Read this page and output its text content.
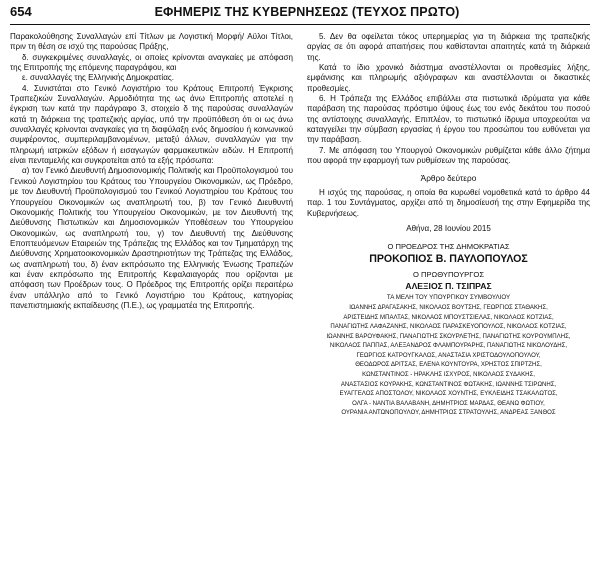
654	ΕΦΗΜΕΡΙΣ ΤΗΣ ΚΥΒΕΡΝΗΣΕΩΣ (ΤΕΥΧΟΣ ΠΡΩΤΟ)

Παρακολούθησης Συναλλαγών επί Τίτλων με Λογιστική Μορφή/ Αϋλοι Τίτλοι, πριν τη θέση σε ισχύ της παρούσας Πράξης,

δ. συγκεκριμένες συναλλαγές, οι οποίες κρίνονται αναγκαίες με απόφαση της Επιτροπής της επόμενης παραγράφου, και

ε. συναλλαγές της Ελληνικής Δημοκρατίας.

4. Συνιστάται στο Γενικό Λογιστήριο του Κράτους Επιτροπή Έγκρισης Τραπεζικών Συναλλαγών. Αρμοδιότητα της ως άνω Επιτροπής αποτελεί η έγκριση των κατά την παράγραφο 3, στοιχείο δ της παρούσας συναλλαγών κατά τη διάρκεια της τραπεζικής αργίας, υπό την προϋπόθεση ότι οι ως άνω συναλλαγές κρίνονται αναγκαίες για τη διαφύλαξη ενός δημοσίου ή κοινωνικού συμφέροντος, συμπεριλαμβανομένων, μεταξύ άλλων, συναλλαγών για την πληρωμή ιατρικών εξόδων ή εισαγωγών φαρμακευτικών ειδών. Η Επιτροπή είναι πενταμελής και συγκροτείται από τα εξής πρόσωπα:

α) τον Γενικό Διευθυντή Δημοσιονομικής Πολιτικής και Προϋπολογισμού του Γενικού Λογιστηρίου του Κράτους του Υπουργείου Οικονομικών, ως Πρόεδρο, με τον Διευθυντή Προϋπολογισμού του Γενικού Λογιστηρίου του Κράτους του Υπουργείου Οικονομικών ως αναπληρωτή του, β) τον Γενικό Διευθυντή Οικονομικής Πολιτικής του Υπουργείου Οικονομικών, με τον Διευθυντή της Διεύθυνσης Πιστωτικών και Δημοσιονομικών Υποθέσεων του Υπουργείου Οικονομικών, ως αναπληρωτή του, γ) τον Διευθυντή της Διεύθυνσης Εποπτευόμενων Εταιρειών της Τράπεζας της Ελλάδος και τον Τμηματάρχη της Διεύθυνσης Χρηματοοικονομικών Δραστηριοτήτων της Τράπεζας της Ελλάδος, ως αναπληρωτή του, δ) έναν εκπρόσωπο της Ελληνικής Ένωσης Τραπεζών και έναν εκπρόσωπο της Επιτροπής Κεφαλαιαγοράς που ορίζονται με απόφαση των Προέδρων τους. Ο Πρόεδρος της Επιτροπής ορίζει περαιτέρω έναν υπάλληλο από το Γενικό Λογιστήριο του Κράτους, κατηγορίας πανεπιστημιακής εκπαίδευσης (Π.Ε.), ως γραμματέα της Επιτροπής.

5. Δεν θα οφείλεται τόκος υπερημερίας για τη διάρκεια της τραπεζικής αργίας σε ότι αφορά απαιτήσεις που καθίστανται απαιτητές κατά τη διάρκειά της.

Κατά το ίδιο χρονικό διάστημα αναστέλλονται οι προθεσμίες λήξης, εμφάνισης και πληρωμής αξιόγραφων και αναστέλλονται οι δικαστικές προθεσμίες.

6. Η Τράπεζα της Ελλάδος επιβάλλει στα πιστωτικά ιδρύματα για κάθε παράβαση της παρούσας πρόστιμο ύψους έως του ενός δεκάτου του ποσού της αντίστοιχης συναλλαγής. Επιπλέον, το πιστωτικό ίδρυμα υποχρεούται να καταγγείλει την σύμβαση εργασίας ή έργου του προσώπου του ευθύνεται για την παράβαση.

7. Με απόφαση του Υπουργού Οικονομικών ρυθμίζεται κάθε άλλο ζήτημα που αφορά την εφαρμογή των ρυθμίσεων της παρούσας.

Άρθρο δεύτερο

Η ισχύς της παρούσας, η οποία θα κυρωθεί νομοθετικά κατά το άρθρο 44 παρ. 1 του Συντάγματος, αρχίζει από τη δημοσίευσή της στην Εφημερίδα της Κυβερνήσεως.

Αθήνα, 28 Ιουνίου 2015
Ο ΠΡΟΕΔΡΟΣ ΤΗΣ ΔΗΜΟΚΡΑΤΙΑΣ
ΠΡΟΚΟΠΙΟΣ Β. ΠΑΥΛΟΠΟΥΛΟΣ
Ο ΠΡΩΘΥΠΟΥΡΓΟΣ
ΑΛΕΞΙΟΣ Π. ΤΣΙΠΡΑΣ
ΤΑ ΜΕΛΗ ΤΟΥ ΥΠΟΥΡΓΙΚΟΥ ΣΥΜΒΟΥΛΙΟΥ
ΙΩΑΝΝΗΣ ΔΡΑΓΑΣΑΚΗΣ, ΝΙΚΟΛΑΟΣ ΒΟΥΤΣΗΣ, ΓΕΩΡΓΙΟΣ ΣΤΑΘΑΚΗΣ,
ΑΡΙΣΤΕΙΔΗΣ ΜΠΑΛΤΑΣ, ΝΙΚΟΛΑΟΣ ΜΠΟΥΣΤΣΙΕΛΑΣ, ΝΙΚΟΛΑΟΣ ΚΟΤΖΙΑΣ,
ΠΑΝΑΓΙΩΤΗΣ ΛΑΦΑΖΑΝΗΣ, ΝΙΚΟΛΑΟΣ ΠΑΡΑΣΚΕΥΟΠΟΥΛΟΣ, ΝΙΚΟΛΑΟΣ ΚΟΤΖΙΑΣ,
ΙΩΑΝΝΗΣ ΒΑΡΟΥΦΑΚΗΣ, ΠΑΝΑΓΙΩΤΗΣ ΣΚΟΥΡΛΕΤΗΣ, ΠΑΝΑΓΙΩΤΗΣ ΚΟΥΡΟΥΜΠΛΗΣ,
ΝΙΚΟΛΑΟΣ ΠΑΠΠΑΣ, ΑΛΕΞΑΝΔΡΟΣ ΦΛΑΜΠΟΥΡΑΡΗΣ, ΠΑΝΑΓΙΩΤΗΣ ΝΙΚΟΛΟΥΔΗΣ,
ΓΕΩΡΓΙΟΣ ΚΑΤΡΟΥΓΚΑΛΟΣ, ΑΝΑΣΤΑΣΙΑ ΧΡΙΣΤΟΔΟΥΛΟΠΟΥΛΟΥ,
ΘΕΟΔΩΡΟΣ ΔΡΙΤΣΑΣ, ΕΛΕΝΑ ΚΟΥΝΤΟΥΡΑ, ΧΡΗΣΤΟΣ ΣΠΙΡΤΖΗΣ,
ΚΩΝΣΤΑΝΤΙΝΟΣ - ΗΡΑΚΛΗΣ ΙΣΧΥΡΟΣ, ΝΙΚΟΛΑΟΣ ΣΥΔΑΚΗΣ,
ΑΝΑΣΤΑΣΙΟΣ ΚΟΥΡΑΚΗΣ, ΚΩΝΣΤΑΝΤΙΝΟΣ ΦΩΤΑΚΗΣ, ΙΩΑΝΝΗΣ ΤΣΙΡΩΝΗΣ,
ΕΥΑΓΓΕΛΟΣ ΑΠΟΣΤΟΛΟΥ, ΝΙΚΟΛΑΟΣ ΧΟΥΝΤΗΣ, ΕΥΚΛΕΙΔΗΣ ΤΣΑΚΑΛΩΤΟΣ,
ΟΛΓΑ - ΝΑΝΤΙΑ ΒΑΛΑΒΑΝΗ, ΔΗΜΗΤΡΙΟΣ ΜΑΡΔΑΣ, ΘΕΑΝΩ ΦΩΤΙΟΥ,
ΟΥΡΑΝΙΑ ΑΝΤΩΝΟΠΟΥΛΟΥ, ΔΗΜΗΤΡΙΟΣ ΣΤΡΑΤΟΥΛΗΣ, ΑΝΔΡΕΑΣ ΞΑΝΘΟΣ
